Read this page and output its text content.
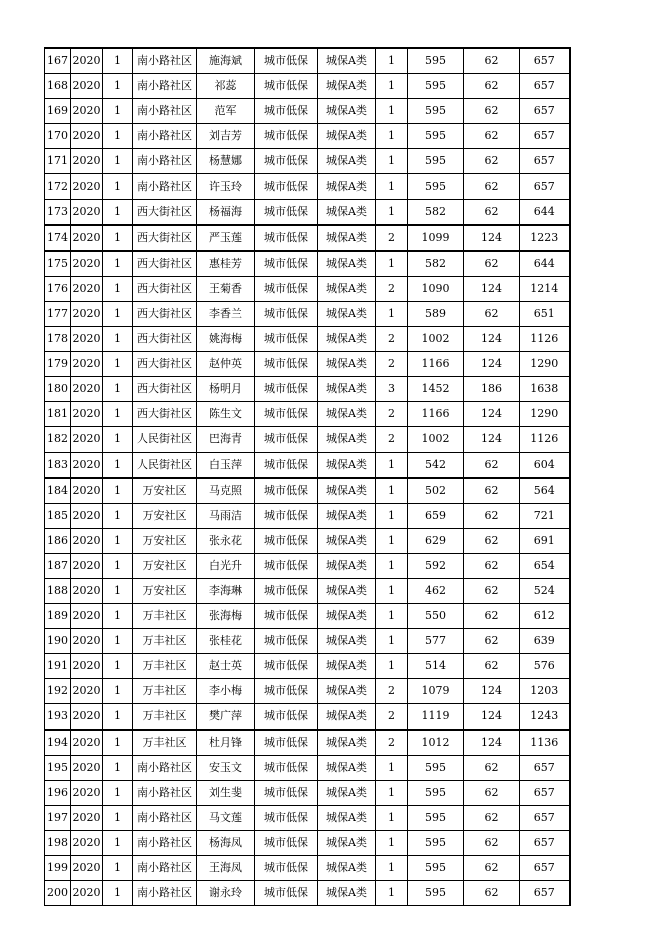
167	2020	1	南小路社区	施海斌	城市低保	城保A类	1	595	62	657
168	2020	1	南小路社区	祁蕊	城市低保	城保A类	1	595	62	657
169	2020	1	南小路社区	范军	城市低保	城保A类	1	595	62	657
170	2020	1	南小路社区	刘吉芳	城市低保	城保A类	1	595	62	657
171	2020	1	南小路社区	杨慧娜	城市低保	城保A类	1	595	62	657
172	2020	1	南小路社区	许玉玲	城市低保	城保A类	1	595	62	657
173	2020	1	西大街社区	杨福海	城市低保	城保A类	1	582	62	644
174	2020	1	西大街社区	严玉莲	城市低保	城保A类	2	1099	124	1223
175	2020	1	西大街社区	惠桂芳	城市低保	城保A类	1	582	62	644
176	2020	1	西大街社区	王菊香	城市低保	城保A类	2	1090	124	1214
177	2020	1	西大街社区	李香兰	城市低保	城保A类	1	589	62	651
178	2020	1	西大街社区	姚海梅	城市低保	城保A类	2	1002	124	1126
179	2020	1	西大街社区	赵仲英	城市低保	城保A类	2	1166	124	1290
180	2020	1	西大街社区	杨明月	城市低保	城保A类	3	1452	186	1638
181	2020	1	西大街社区	陈生文	城市低保	城保A类	2	1166	124	1290
182	2020	1	人民街社区	巴海青	城市低保	城保A类	2	1002	124	1126
183	2020	1	人民街社区	白玉萍	城市低保	城保A类	1	542	62	604
184	2020	1	万安社区	马克照	城市低保	城保A类	1	502	62	564
185	2020	1	万安社区	马雨洁	城市低保	城保A类	1	659	62	721
186	2020	1	万安社区	张永花	城市低保	城保A类	1	629	62	691
187	2020	1	万安社区	白光升	城市低保	城保A类	1	592	62	654
188	2020	1	万安社区	李海琳	城市低保	城保A类	1	462	62	524
189	2020	1	万丰社区	张海梅	城市低保	城保A类	1	550	62	612
190	2020	1	万丰社区	张桂花	城市低保	城保A类	1	577	62	639
191	2020	1	万丰社区	赵士英	城市低保	城保A类	1	514	62	576
192	2020	1	万丰社区	李小梅	城市低保	城保A类	2	1079	124	1203
193	2020	1	万丰社区	樊广萍	城市低保	城保A类	2	1119	124	1243
194	2020	1	万丰社区	杜月锋	城市低保	城保A类	2	1012	124	1136
195	2020	1	南小路社区	安玉文	城市低保	城保A类	1	595	62	657
196	2020	1	南小路社区	刘生斐	城市低保	城保A类	1	595	62	657
197	2020	1	南小路社区	马文莲	城市低保	城保A类	1	595	62	657
198	2020	1	南小路社区	杨海凤	城市低保	城保A类	1	595	62	657
199	2020	1	南小路社区	王海凤	城市低保	城保A类	1	595	62	657
200	2020	1	南小路社区	谢永玲	城市低保	城保A类	1	595	62	657
